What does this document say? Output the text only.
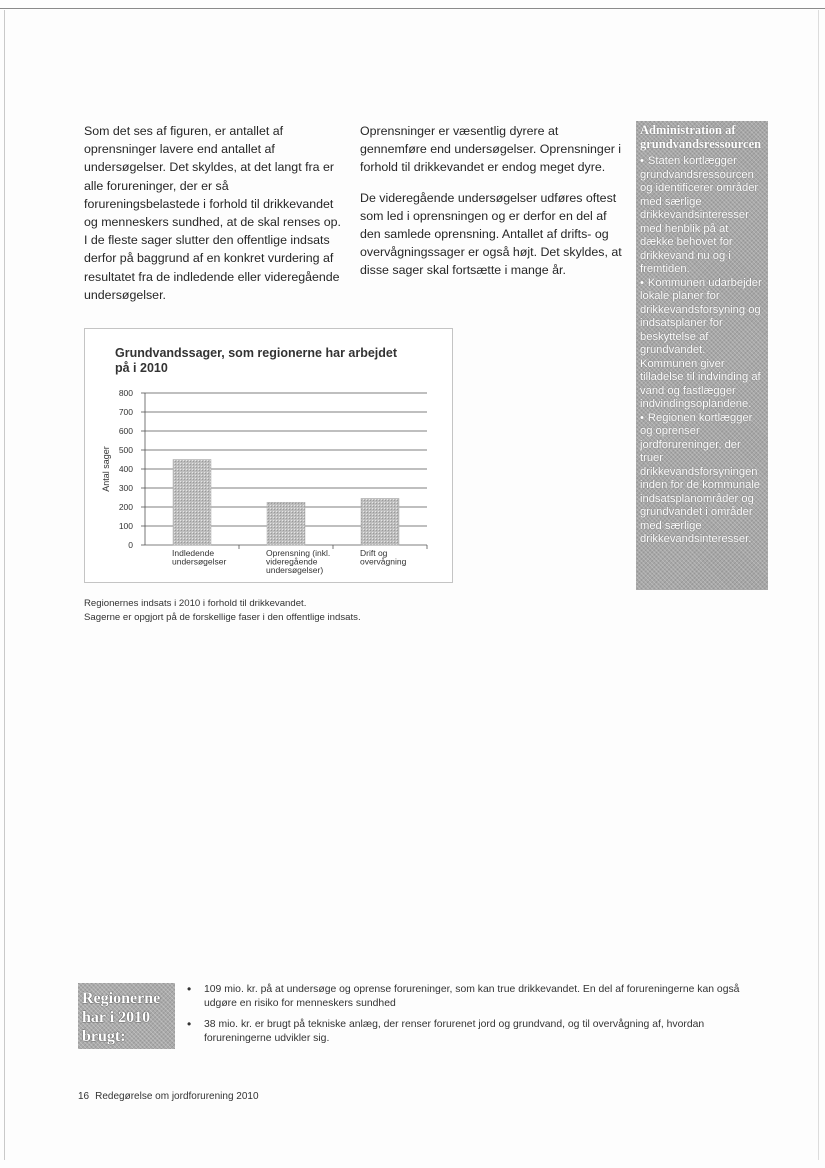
Som det ses af figuren, er antallet af oprensninger lavere end antallet af undersøgelser. Det skyldes, at det langt fra er alle forureninger, der er så forureningsbelastede i forhold til drikkevandet og menneskers sundhed, at de skal renses op. I de fleste sager slutter den offentlige indsats derfor på baggrund af en konkret vurdering af resultatet fra de indledende eller videregående undersøgelser.

Oprensninger er væsentlig dyrere at gennemføre end undersøgelser. Oprensninger i forhold til drikkevandet er endog meget dyre.

De videregående undersøgelser udføres oftest som led i oprensningen og er derfor en del af den samlede oprensning. Antallet af drifts- og overvågningssager er også højt. Det skyldes, at disse sager skal fortsætte i mange år.

Administration af grundvandsressourcen
• Staten kortlægger grundvandsressourcen og identificerer områder med særlige drikkevandsinteresser med henblik på at dække behovet for drikkevand nu og i fremtiden.
• Kommunen udarbejder lokale planer for drikkevandsforsyning og indsatsplaner for beskyttelse af grundvandet. Kommunen giver tilladelse til indvinding af vand og fastlægger indvindingsoplandene.
• Regionen kortlægger og oprenser jordforureninger, der truer drikkevandsforsyningen inden for de kommunale indsatsplanområder og grundvandet i områder med særlige drikkevandsinteresser.
Grundvandssager, som regionerne har arbejdet på i 2010
0
100
200
300
400
500
600
700
800
Antal sager
Indledende undersøgelser
Oprensning (inkl. videregående undersøgelser)
Drift og overvågning
Regionernes indsats i 2010 i forhold til drikkevandet.
Sagerne er opgjort på de forskellige faser i den offentlige indsats.
Regionerne
har i 2010
brugt:
•	109 mio. kr. på at undersøge og oprense forureninger, som kan true drikkevandet. En del af forureningerne kan også udgøre en risiko for menneskers sundhed
•	38 mio. kr. er brugt på tekniske anlæg, der renser forurenet jord og grundvand, og til overvågning af, hvordan forureningerne udvikler sig.
16 Redegørelse om jordforurening 2010
